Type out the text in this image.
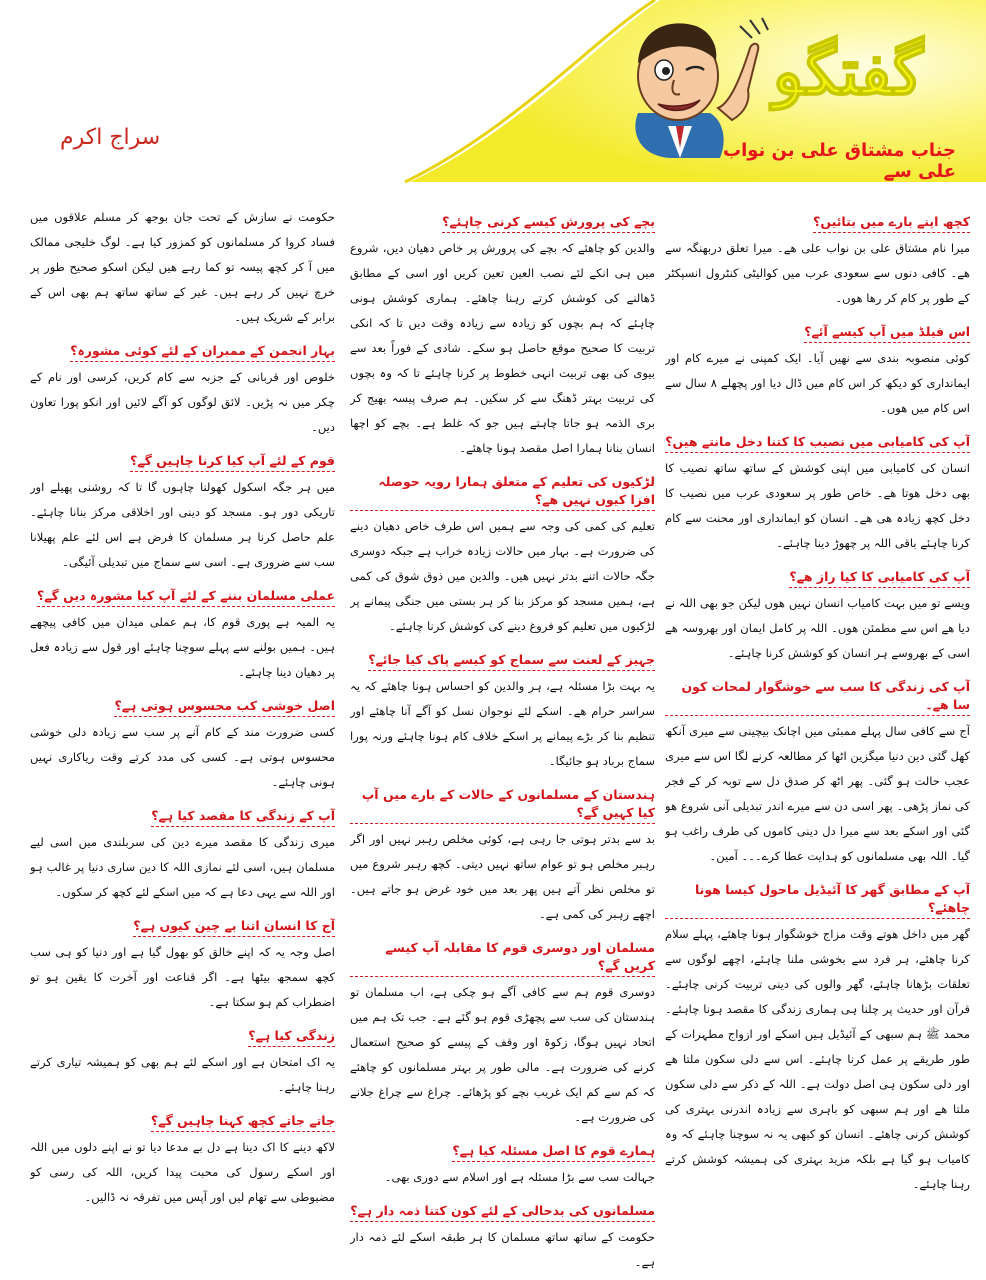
گفتگو
جناب مشتاق علی بن نواب علی سے
سراج اکرم
کچھ اپنے بارے میں بتائیں؟

میرا نام مشتاق علی بن نواب علی ھے۔ میرا تعلق دربھنگہ سے ھے۔ کافی دنوں سے سعودی عرب میں کوالیٹی کنٹرول انسپکٹر کے طور پر کام کر رھا ھوں۔

اس فیلڈ میں آپ کیسے آئے؟

کوئی منصوبہ بندی سے نھیں آیا۔ ایک کمپنی نے میرے کام اور ایمانداری کو دیکھ کر اس کام میں ڈال دیا اور پچھلے ۸ سال سے اس کام میں ھوں۔

آپ کی کامیابی میں نصیب کا کتنا دخل مانتے ھیں؟

انسان کی کامیابی میں اپنی کوشش کے ساتھ ساتھ نصیب کا بھی دخل ھوتا ھے۔ خاص طور پر سعودی عرب میں نصیب کا دخل کچھ زیادہ ھی ھے۔ انسان کو ایمانداری اور محنت سے کام کرنا چاہئے باقی اللہ پر چھوڑ دینا چاہئے۔

آپ کی کامیابی کا کیا راز ھے؟

ویسے تو میں بہت کامیاب انسان نہیں ھوں لیکن جو بھی اللہ نے دیا ھے اس سے مطمئن ھوں۔ اللہ پر کامل ایمان اور بھروسہ ھے اسی کے بھروسے ہر انسان کو کوشش کرنا چاہئے۔

آپ کی زندگی کا سب سے خوشگوار لمحات کون سا ھے۔

آج سے کافی سال پہلے ممبئی میں اچانک بیچینی سے میری آنکھ کھل گئی دین دنیا میگزین اٹھا کر مطالعہ کرنے لگا اس سے میری عجب حالت ہو گئی۔ پھر اٹھ کر صدق دل سے توبہ کر کے فجر کی نماز پڑھی۔ پھر اسی دن سے میرے اندر تبدیلی آنی شروع ھو گئی اور اسکے بعد سے میرا دل دینی کاموں کی طرف راغب ہو گیا۔ اللہ بھی مسلمانوں کو ہدایت عطا کرے۔۔۔ آمین۔

آپ کے مطابق گھر کا آئیڈیل ماحول کیسا ھونا چاھئے؟

گھر میں داخل ھوتے وقت مزاج خوشگوار ہونا چاھئے، پہلے سلام کرنا چاھئے، ہر فرد سے بخوشی ملنا چاہئے، اچھے لوگوں سے تعلقات بڑھانا چاہئے، گھر والوں کی دینی تربیت کرنی چاہئے۔ قرآن اور حدیث پر چلنا ہی ہماری زندگی کا مقصد ہونا چاہئے۔ محمد ﷺ ہم سبھی کے آئیڈیل ہیں اسکے اور ازواج مطہرات کے طور طریقے پر عمل کرنا چاہئے۔ اس سے دلی سکون ملتا ھے اور دلی سکون ہی اصل دولت ہے۔ اللہ کے ذکر سے دلی سکون ملتا ھے اور ہم سبھی کو باہری سے زیادہ اندرنی بہتری کی کوشش کرنی چاھئے۔ انسان کو کبھی یہ نہ سوچنا چاہئے کہ وہ کامیاب ہو گیا ہے بلکہ مزید بہتری کی ہمیشہ کوشش کرتے رہنا چاہئے۔

بچے کی پرورش کیسے کرنی چاہئے؟

والدین کو چاھئے کہ بچے کی پرورش پر خاص دھیان دیں، شروع میں ہی انکے لئے نصب العین تعین کریں اور اسی کے مطابق ڈھالنے کی کوشش کرتے رہنا چاھئے۔ ہماری کوشش ہونی چاہئے کہ ہم بچوں کو زیادہ سے زیادہ وقت دیں تا کہ انکی تربیت کا صحیح موقع حاصل ہو سکے۔ شادی کے فوراً بعد سے بیوی کی بھی تربیت انہی خطوط پر کرنا چاہئے تا کہ وہ بچوں کی تربیت بہتر ڈھنگ سے کر سکیں۔ ہم صرف پیسہ بھیج کر بری الذمہ ہو جاتا چاہتے ہیں جو کہ غلط ہے۔ بچے کو اچھا انسان بنانا ہمارا اصل مقصد ہونا چاھئے۔

لڑکیوں کی تعلیم کے متعلق ہمارا رویہ حوصلہ افزا کیوں نہیں ھے؟

تعلیم کی کمی کی وجہ سے ہمیں اس طرف خاص دھیان دینے کی ضرورت ہے۔ بہار میں حالات زیادہ خراب ہے جبکہ دوسری جگہ حالات اتنے بدتر نہیں ھیں۔ والدین میں ذوق شوق کی کمی ہے، ہمیں مسجد کو مرکز بنا کر ہر بستی میں جنگی پیمانے پر لڑکیوں میں تعلیم کو فروغ دینے کی کوشش کرنا چاہئے۔

جہیز کے لعنت سے سماج کو کیسے پاک کیا جائے؟

یہ بہت بڑا مسئلہ ہے، ہر والدین کو احساس ہونا چاھئے کہ یہ سراسر حرام ھے۔ اسکے لئے نوجوان نسل کو آگے آنا چاھئے اور تنظیم بنا کر بڑے پیمانے پر اسکے خلاف کام ہونا چاہئے ورنہ پورا سماج برباد ہو جائیگا۔

ہندستان کے مسلمانوں کے حالات کے بارے میں آپ کیا کہیں گے؟

بد سے بدتر ہوتی جا رہی ہے، کوئی مخلص رہبر نہیں اور اگر رہبر مخلص ہو تو عوام ساتھ نہیں دیتی۔ کچھ رہبر شروع میں تو مخلص نظر آتے ہیں پھر بعد میں خود غرض ہو جاتے ہیں۔ اچھے رہبر کی کمی ہے۔

مسلمان اور دوسری قوم کا مقابلہ آپ کیسے کریں گے؟

دوسری قوم ہم سے کافی آگے ہو چکی ہے، اب مسلمان تو ہندستان کی سب سے پچھڑی قوم ہو گئے ہے۔ جب تک ہم میں اتحاد نہیں ہوگا، زکوۃ اور وقف کے پیسے کو صحیح استعمال کرنے کی ضرورت ہے۔ مالی طور پر بہتر مسلمانوں کو چاھئے کہ کم سے کم ایک غریب بچے کو پڑھائے۔ چراغ سے چراغ جلانے کی ضرورت ہے۔

ہمارے قوم کا اصل مسئلہ کیا ہے؟

جہالت سب سے بڑا مسئلہ ہے اور اسلام سے دوری بھی۔

مسلمانوں کی بدحالی کے لئے کون کتنا ذمہ دار ہے؟

حکومت کے ساتھ ساتھ مسلمان کا ہر طبقہ اسکے لئے ذمہ دار ہے۔

حکومت نے سازش کے تحت جان بوجھ کر مسلم علاقوں میں فساد کروا کر مسلمانوں کو کمزور کیا ہے۔ لوگ خلیجی ممالک میں آ کر کچھ پیسہ تو کما رہے ھیں لیکن اسکو صحیح طور پر خرچ نہیں کر رہے ہیں۔ غیر کے ساتھ ساتھ ہم بھی اس کے برابر کے شریک ہیں۔

بہار انجمن کے ممبران کے لئے کوئی مشورہ؟

خلوص اور قربانی کے جزبہ سے کام کریں، کرسی اور نام کے چکر میں نہ پڑیں۔ لائق لوگوں کو آگے لائیں اور انکو پورا تعاون دیں۔

قوم کے لئے آپ کیا کرنا چاہیں گے؟

میں ہر جگہ اسکول کھولنا چاہوں گا تا کہ روشنی پھیلے اور تاریکی دور ہو۔ مسجد کو دینی اور اخلاقی مرکز بنانا چاہئے۔ علم حاصل کرنا ہر مسلمان کا فرض ہے اس لئے علم پھیلانا سب سے ضروری ہے۔ اسی سے سماج میں تبدیلی آئیگی۔

عملی مسلمان بننے کے لئے آپ کیا مشورہ دیں گے؟

یہ المیہ ہے پوری قوم کا، ہم عملی میدان میں کافی پیچھے ہیں۔ ہمیں بولنے سے پہلے سوچنا چاہئے اور قول سے زیادہ فعل پر دھیان دینا چاہئے۔

اصل خوشی کب محسوس ہوتی ہے؟

کسی ضرورت مند کے کام آنے پر سب سے زیادہ دلی خوشی محسوس ہوتی ہے۔ کسی کی مدد کرتے وقت ریاکاری نہیں ہونی چاہئے۔

آپ کے زندگی کا مقصد کیا ہے؟

میری زندگی کا مقصد میرے دین کی سربلندی میں اسی لیے مسلمان ہیں، اسی لئے نمازی اللہ کا دین ساری دنیا پر غالب ہو اور اللہ سے یہی دعا ہے کہ میں اسکے لئے کچھ کر سکوں۔

آج کا انسان اتنا بے چین کیوں ہے؟

اصل وجہ یہ کہ اپنے خالق کو بھول گیا ہے اور دنیا کو ہی سب کچھ سمجھ بیٹھا ہے۔ اگر قناعت اور آخرت کا یقین ہو تو اضطراب کم ہو سکتا ہے۔

زندگی کیا ہے؟

یہ اک امتحان ہے اور اسکے لئے ہم بھی کو ہمیشہ تیاری کرتے رہنا چاہئے۔

جاتے جاتے کچھ کہنا چاہیں گے؟

لاکھ دینے کا اک دینا ہے دل بے مدعا دیا تو نے اپنے دلوں میں اللہ اور اسکے رسول کی محبت پیدا کریں، اللہ کی رسی کو مضبوطی سے تھام لیں اور آپس میں تفرقہ نہ ڈالیں۔
